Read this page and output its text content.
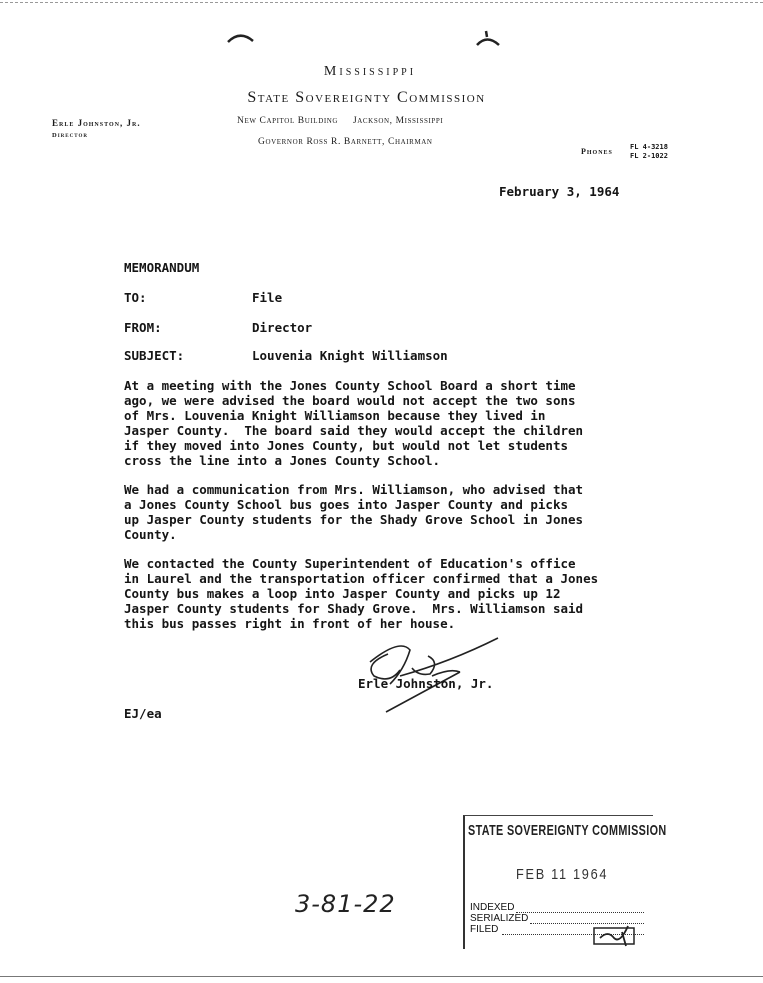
Mississippi
State Sovereignty Commission
Erle Johnston, Jr.
Director
New Capitol Building     Jackson, Mississippi
Governor Ross R. Barnett, Chairman
Phones FL 4-3218
FL 2-1022
February 3, 1964
MEMORANDUM
TO:	File
FROM:	Director
SUBJECT:	Louvenia Knight Williamson
At a meeting with the Jones County School Board a short time
ago, we were advised the board would not accept the two sons
of Mrs. Louvenia Knight Williamson because they lived in
Jasper County.  The board said they would accept the children
if they moved into Jones County, but would not let students
cross the line into a Jones County School.
We had a communication from Mrs. Williamson, who advised that
a Jones County School bus goes into Jasper County and picks
up Jasper County students for the Shady Grove School in Jones
County.
We contacted the County Superintendent of Education's office
in Laurel and the transportation officer confirmed that a Jones
County bus makes a loop into Jasper County and picks up 12
Jasper County students for Shady Grove.  Mrs. Williamson said
this bus passes right in front of her house.
Erle Johnston, Jr.
EJ/ea
STATE SOVEREIGNTY COMMISSION
FEB 11 1964
INDEXED
SERIALIZED
FILED
3-81-22
